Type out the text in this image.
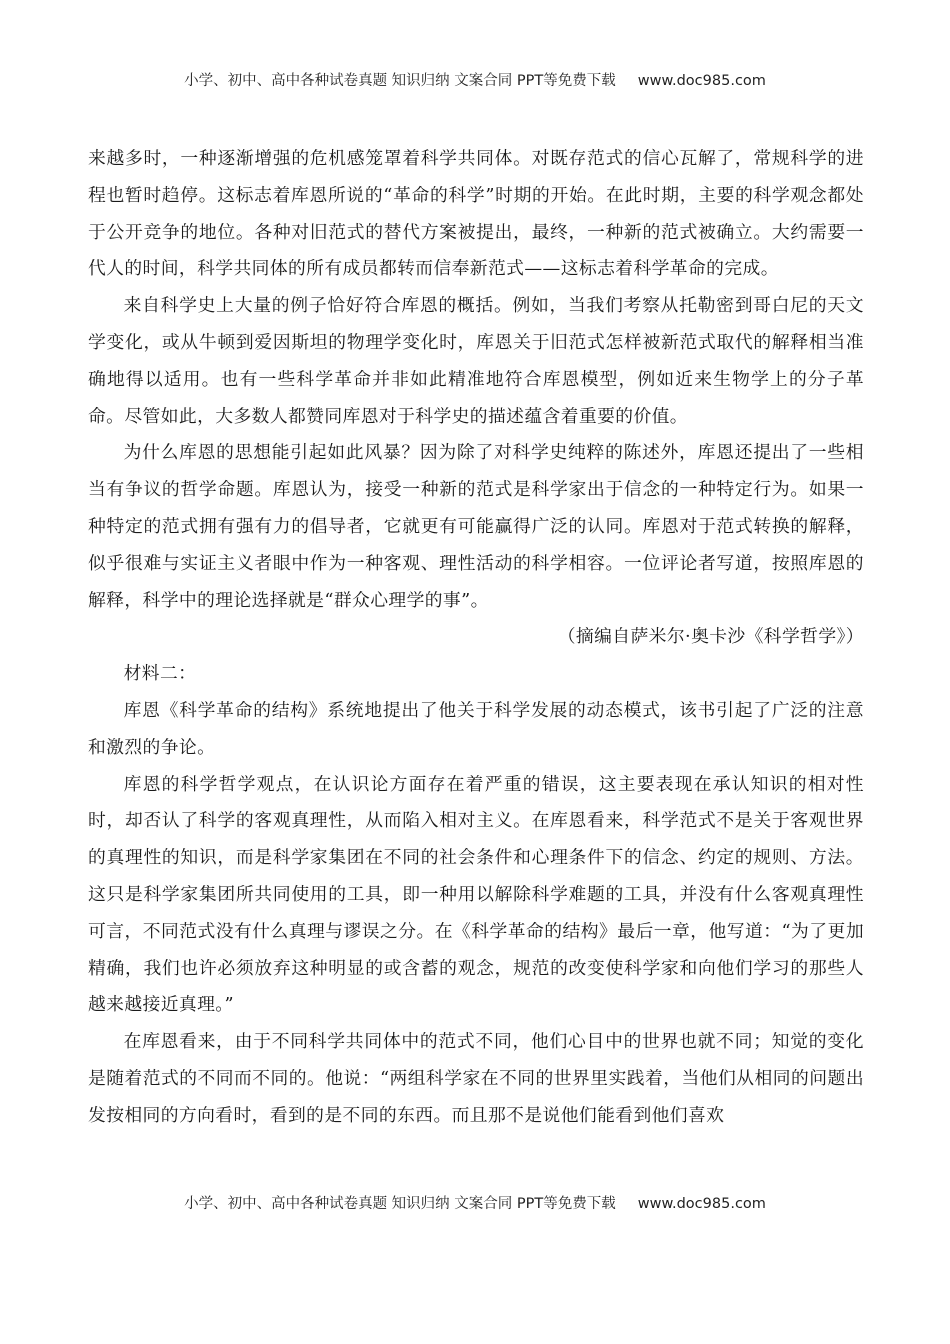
小学、初中、高中各种试卷真题 知识归纳 文案合同 PPT等免费下载 www.doc985.com

来越多时，一种逐渐增强的危机感笼罩着科学共同体。对既存范式的信心瓦解了，常规科学的进程也暂时趋停。这标志着库恩所说的“革命的科学”时期的开始。在此时期，主要的科学观念都处于公开竞争的地位。各种对旧范式的替代方案被提出，最终，一种新的范式被确立。大约需要一代人的时间，科学共同体的所有成员都转而信奉新范式——这标志着科学革命的完成。

来自科学史上大量的例子恰好符合库恩的概括。例如，当我们考察从托勒密到哥白尼的天文学变化，或从牛顿到爱因斯坦的物理学变化时，库恩关于旧范式怎样被新范式取代的解释相当准确地得以适用。也有一些科学革命并非如此精准地符合库恩模型，例如近来生物学上的分子革命。尽管如此，大多数人都赞同库恩对于科学史的描述蕴含着重要的价值。

为什么库恩的思想能引起如此风暴？因为除了对科学史纯粹的陈述外，库恩还提出了一些相当有争议的哲学命题。库恩认为，接受一种新的范式是科学家出于信念的一种特定行为。如果一种特定的范式拥有强有力的倡导者，它就更有可能赢得广泛的认同。库恩对于范式转换的解释，似乎很难与实证主义者眼中作为一种客观、理性活动的科学相容。一位评论者写道，按照库恩的解释，科学中的理论选择就是“群众心理学的事”。

（摘编自萨米尔·奥卡沙《科学哲学》）

材料二：

库恩《科学革命的结构》系统地提出了他关于科学发展的动态模式，该书引起了广泛的注意和激烈的争论。

库恩的科学哲学观点，在认识论方面存在着严重的错误，这主要表现在承认知识的相对性时，却否认了科学的客观真理性，从而陷入相对主义。在库恩看来，科学范式不是关于客观世界的真理性的知识，而是科学家集团在不同的社会条件和心理条件下的信念、约定的规则、方法。这只是科学家集团所共同使用的工具，即一种用以解除科学难题的工具，并没有什么客观真理性可言，不同范式没有什么真理与谬误之分。在《科学革命的结构》最后一章，他写道：“为了更加精确，我们也许必须放弃这种明显的或含蓄的观念，规范的改变使科学家和向他们学习的那些人越来越接近真理。”

在库恩看来，由于不同科学共同体中的范式不同，他们心目中的世界也就不同；知觉的变化是随着范式的不同而不同的。他说：“两组科学家在不同的世界里实践着，当他们从相同的问题出发按相同的方向看时，看到的是不同的东西。而且那不是说他们能看到他们喜欢

小学、初中、高中各种试卷真题 知识归纳 文案合同 PPT等免费下载 www.doc985.com
